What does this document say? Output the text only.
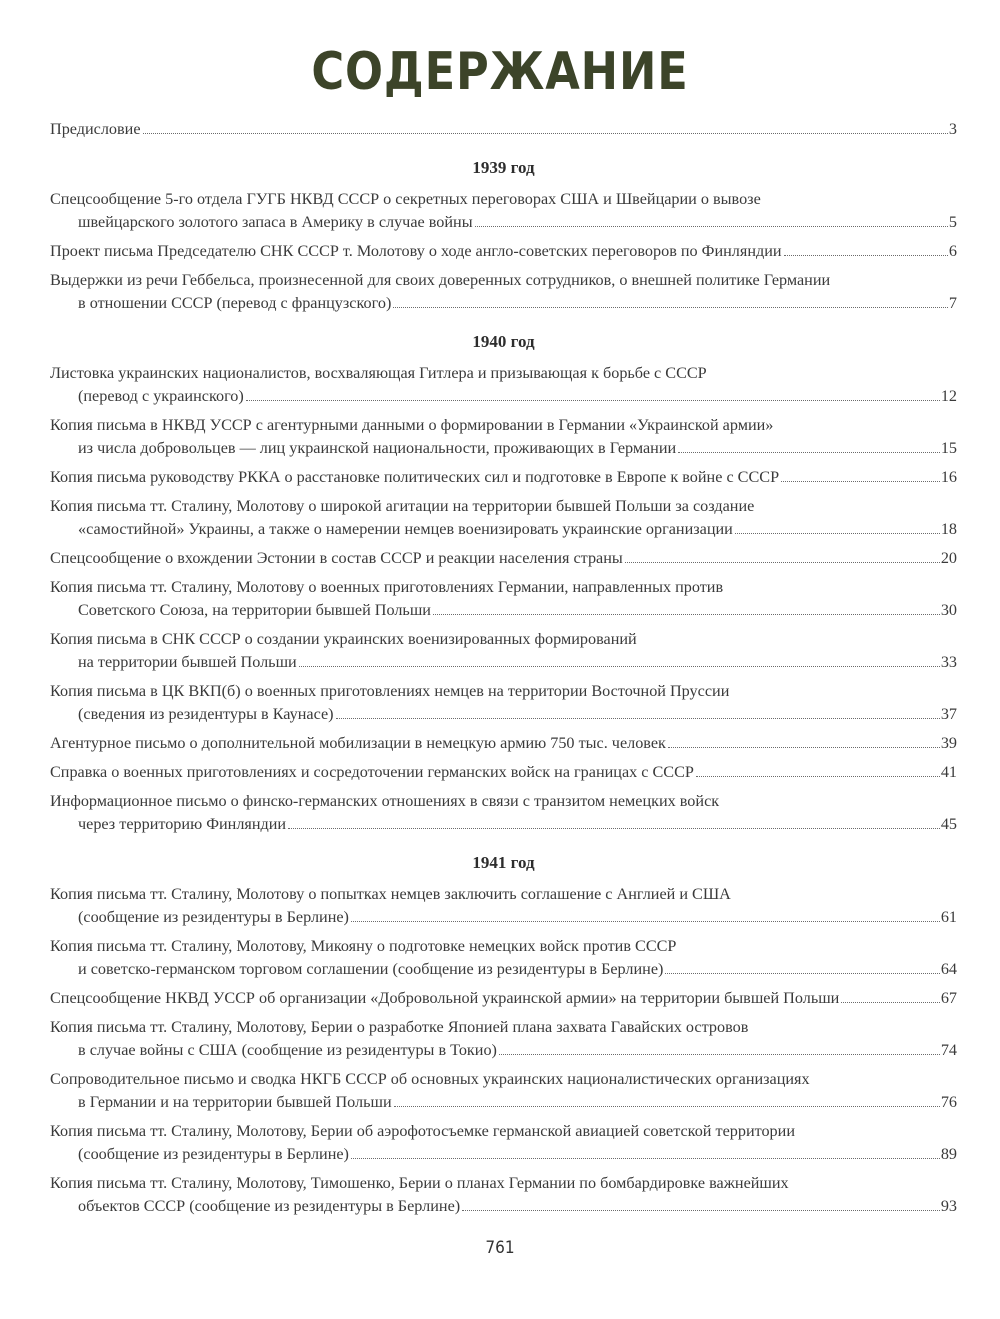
СОДЕРЖАНИЕ
Предисловие	3
1939 год
Спецсообщение 5-го отдела ГУГБ НКВД СССР о секретных переговорах США и Швейцарии о вывозе
швейцарского золотого запаса в Америку в случае войны	5
Проект письма Председателю СНК СССР т. Молотову о ходе англо-советских переговоров по Финляндии	6
Выдержки из речи Геббельса, произнесенной для своих доверенных сотрудников, о внешней политике Германии
в отношении СССР (перевод с французского)	7
1940 год
Листовка украинских националистов, восхваляющая Гитлера и призывающая к борьбе с СССР
(перевод с украинского)	12
Копия письма в НКВД УССР с агентурными данными о формировании в Германии «Украинской армии»
из числа добровольцев — лиц украинской национальности, проживающих в Германии	15
Копия письма руководству РККА о расстановке политических сил и подготовке в Европе к войне с СССР	16
Копия письма тт. Сталину, Молотову о широкой агитации на территории бывшей Польши за создание
«самостийной» Украины, а также о намерении немцев военизировать украинские организации	18
Спецсообщение о вхождении Эстонии в состав СССР и реакции населения страны	20
Копия письма тт. Сталину, Молотову о военных приготовлениях Германии, направленных против
Советского Союза, на территории бывшей Польши	30
Копия письма в СНК СССР о создании украинских военизированных формирований
на территории бывшей Польши	33
Копия письма в ЦК ВКП(б) о военных приготовлениях немцев на территории Восточной Пруссии
(сведения из резидентуры в Каунасе)	37
Агентурное письмо о дополнительной мобилизации в немецкую армию 750 тыс. человек	39
Справка о военных приготовлениях и сосредоточении германских войск на границах с СССР	41
Информационное письмо о финско-германских отношениях в связи с транзитом немецких войск
через территорию Финляндии	45
1941 год
Копия письма тт. Сталину, Молотову о попытках немцев заключить соглашение с Англией и США
(сообщение из резидентуры в Берлине)	61
Копия письма тт. Сталину, Молотову, Микояну о подготовке немецких войск против СССР
и советско-германском торговом соглашении (сообщение из резидентуры в Берлине)	64
Спецсообщение НКВД УССР об организации «Добровольной украинской армии» на территории бывшей Польши	67
Копия письма тт. Сталину, Молотову, Берии о разработке Японией плана захвата Гавайских островов
в случае войны с США (сообщение из резидентуры в Токио)	74
Сопроводительное письмо и сводка НКГБ СССР об основных украинских националистических организациях
в Германии и на территории бывшей Польши	76
Копия письма тт. Сталину, Молотову, Берии об аэрофотосъемке германской авиацией советской территории
(сообщение из резидентуры в Берлине)	89
Копия письма тт. Сталину, Молотову, Тимошенко, Берии о планах Германии по бомбардировке важнейших
объектов СССР (сообщение из резидентуры в Берлине)	93
761
